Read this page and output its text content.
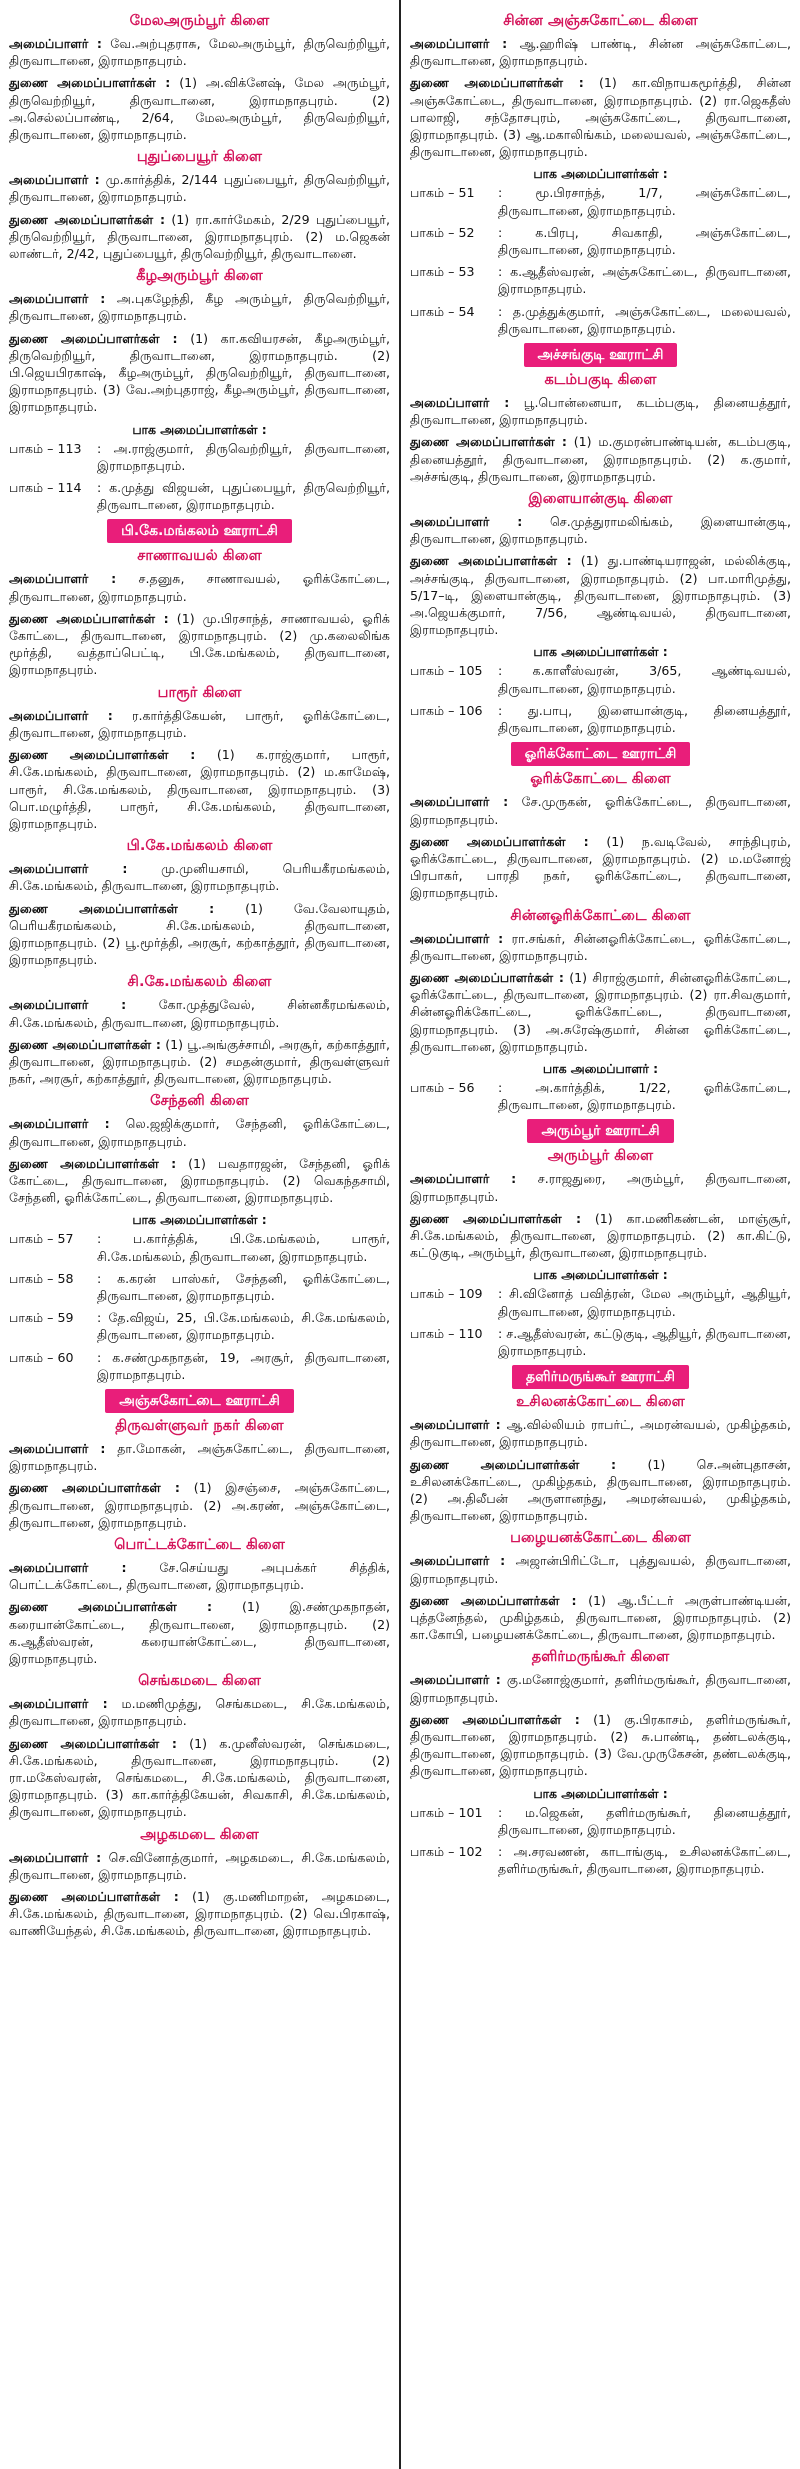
மேலஅரும்பூர் கிளை

அமைப்பாளர் : வே.அற்புதராசு, மேலஅரும்பூர், திருவெற்றியூர், திருவாடானை, இராமநாதபுரம்.

துணை அமைப்பாளர்கள் : (1) அ.விக்னேஷ், மேல அரும்பூர், திருவெற்றியூர், திருவாடானை, இராமநாதபுரம். (2) அ.செல்லப்பாண்டி, 2/64, மேலஅரும்பூர், திருவெற்றியூர், திருவாடானை, இராமநாதபுரம்.

புதுப்பையூர் கிளை

அமைப்பாளர் : மு.கார்த்திக், 2/144 புதுப்பையூர், திருவெற்றியூர், திருவாடானை, இராமநாதபுரம்.

துணை அமைப்பாளர்கள் : (1) ரா.கார்மேகம், 2/29 புதுப்பையூர், திருவெற்றியூர், திருவாடானை, இராமநாதபுரம். (2) ம.ஜெகன் லாண்டர், 2/42, புதுப்பையூர், திருவெற்றியூர், திருவாடானை.

கீழஅரும்பூர் கிளை

அமைப்பாளர் : அ.புகழேந்தி, கீழ அரும்பூர், திருவெற்றியூர், திருவாடானை, இராமநாதபுரம்.

துணை அமைப்பாளர்கள் : (1) கா.கவியரசன், கீழஅரும்பூர், திருவெற்றியூர், திருவாடானை, இராமநாதபுரம். (2) பி.ஜெயபிரகாஷ், கீழஅரும்பூர், திருவெற்றியூர், திருவாடானை, இராமநாதபுரம். (3) வே.அற்புதராஜ், கீழஅரும்பூர், திருவாடானை, இராமநாதபுரம்.

பாக அமைப்பாளர்கள் :
பாகம் – 113	: அ.ராஜ்குமார், திருவெற்றியூர், திருவாடானை, இராமநாதபுரம்.
பாகம் – 114	: க.முத்து விஜயன், புதுப்பையூர், திருவெற்றியூர், திருவாடானை, இராமநாதபுரம்.
பி.கே.மங்கலம் ஊராட்சி
சாணாவயல் கிளை

அமைப்பாளர் : ச.தனுசு, சாணாவயல், ஓரிக்கோட்டை, திருவாடானை, இராமநாதபுரம்.

துணை அமைப்பாளர்கள் : (1) மு.பிரசாந்த், சாணாவயல், ஓரிக் கோட்டை, திருவாடானை, இராமநாதபுரம். (2) மு.கலைலிங்க மூர்த்தி, வத்தாப்பெட்டி, பி.கே.மங்கலம், திருவாடானை, இராமநாதபுரம்.

பாரூர் கிளை

அமைப்பாளர் : ர.கார்த்திகேயன், பாரூர், ஓரிக்கோட்டை, திருவாடானை, இராமநாதபுரம்.

துணை அமைப்பாளர்கள் : (1) க.ராஜ்குமார், பாரூர், சி.கே.மங்கலம், திருவாடானை, இராமநாதபுரம். (2) ம.காமேஷ், பாரூர், சி.கே.மங்கலம், திருவாடானை, இராமநாதபுரம். (3) பொ.மழுர்த்தி, பாரூர், சி.கே.மங்கலம், திருவாடானை, இராமநாதபுரம்.

பி.கே.மங்கலம் கிளை

அமைப்பாளர் :	மு.முனியசாமி, பெரியகீரமங்கலம், சி.கே.மங்கலம், திருவாடானை, இராமநாதபுரம்.

துணை அமைப்பாளர்கள் : (1) வே.வேலாயுதம், பெரியகீரமங்கலம், சி.கே.மங்கலம், திருவாடானை, இராமநாதபுரம். (2) பூ.மூர்த்தி, அரசூர், கற்காத்தூர், திருவாடானை, இராமநாதபுரம்.

சி.கே.மங்கலம் கிளை

அமைப்பாளர் :	கோ.முத்துவேல், சின்னகீரமங்கலம், சி.கே.மங்கலம், திருவாடானை, இராமநாதபுரம்.

துணை அமைப்பாளர்கள் : (1) பூ.அங்குச்சாமி, அரசூர், கற்காத்தூர், திருவாடானை, இராமநாதபுரம். (2) சமதன்குமார், திருவள்ளுவர் நகர், அரசூர், கற்காத்தூர், திருவாடானை, இராமநாதபுரம்.

சேந்தனி கிளை

அமைப்பாளர் : லெ.ஜஜிக்குமார், சேந்தனி, ஓரிக்கோட்டை, திருவாடானை, இராமநாதபுரம்.

துணை அமைப்பாளர்கள் : (1) பவதாரஜன், சேந்தனி, ஓரிக் கோட்டை, திருவாடானை, இராமநாதபுரம். (2) வெகந்தசாமி, சேந்தனி, ஓரிக்கோட்டை, திருவாடானை, இராமநாதபுரம்.

பாக அமைப்பாளர்கள் :
பாகம் – 57	: ப.கார்த்திக், பி.கே.மங்கலம், பாரூர், சி.கே.மங்கலம், திருவாடானை, இராமநாதபுரம்.
பாகம் – 58	: க.கரன் பாஸ்கர், சேந்தனி, ஓரிக்கோட்டை, திருவாடானை, இராமநாதபுரம்.
பாகம் – 59	: தே.விஜய், 25, பி.கே.மங்கலம், சி.கே.மங்கலம், திருவாடானை, இராமநாதபுரம்.
பாகம் – 60	: க.சண்முகநாதன், 19, அரசூர், திருவாடானை, இராமநாதபுரம்.
அஞ்சுகோட்டை ஊராட்சி
திருவள்ளுவர் நகர் கிளை

அமைப்பாளர் : தா.மோகன், அஞ்சுகோட்டை, திருவாடானை, இராமநாதபுரம்.

துணை அமைப்பாளர்கள் : (1) இசஞ்சை, அஞ்சுகோட்டை, திருவாடானை, இராமநாதபுரம். (2) அ.கரண், அஞ்சுகோட்டை, திருவாடானை, இராமநாதபுரம்.

பொட்டக்கோட்டை கிளை

அமைப்பாளர் :	சே.செய்யது அபுபக்கர் சித்திக், பொட்டக்கோட்டை, திருவாடானை, இராமநாதபுரம்.

துணை அமைப்பாளர்கள் : (1) இ.சண்முகநாதன், கரையான்கோட்டை, திருவாடானை, இராமநாதபுரம். (2) க.ஆதீஸ்வரன், கரையான்கோட்டை, திருவாடானை, இராமநாதபுரம்.

செங்கமடை கிளை

அமைப்பாளர் : ம.மணிமுத்து, செங்கமடை, சி.கே.மங்கலம், திருவாடானை, இராமநாதபுரம்.

துணை அமைப்பாளர்கள் : (1) க.முனீஸ்வரன், செங்கமடை, சி.கே.மங்கலம், திருவாடானை, இராமநாதபுரம். (2) ரா.மகேஸ்வரன், செங்கமடை, சி.கே.மங்கலம், திருவாடானை, இராமநாதபுரம். (3) கா.கார்த்திகேயன், சிவகாசி, சி.கே.மங்கலம், திருவாடானை, இராமநாதபுரம்.

அழகமடை கிளை

அமைப்பாளர் : செ.வினோத்குமார், அழகமடை, சி.கே.மங்கலம், திருவாடானை, இராமநாதபுரம்.

துணை அமைப்பாளர்கள் : (1) கு.மணிமாறன், அழகமடை, சி.கே.மங்கலம், திருவாடானை, இராமநாதபுரம். (2) வெ.பிரகாஷ், வாணியேந்தல், சி.கே.மங்கலம், திருவாடானை, இராமநாதபுரம்.

சின்ன அஞ்சுகோட்டை கிளை

அமைப்பாளர் : ஆ.ஹரிஷ் பாண்டி, சின்ன அஞ்சுகோட்டை, திருவாடானை, இராமநாதபுரம்.

துணை அமைப்பாளர்கள் : (1) கா.விநாயகமூர்த்தி, சின்ன அஞ்சுகோட்டை, திருவாடானை, இராமநாதபுரம். (2) ரா.ஜெகதீஸ் பாலாஜி, சந்தோசபுரம், அஞ்சுகோட்டை, திருவாடானை, இராமநாதபுரம். (3) ஆ.மகாலிங்கம், மலையவல், அஞ்சுகோட்டை, திருவாடானை, இராமநாதபுரம்.

பாக அமைப்பாளர்கள் :
பாகம் – 51	: மூ.பிரசாந்த், 1/7, அஞ்சுகோட்டை, திருவாடானை, இராமநாதபுரம்.
பாகம் – 52	: க.பிரபு, சிவகாதி, அஞ்சுகோட்டை, திருவாடானை, இராமநாதபுரம்.
பாகம் – 53	: க.ஆதீஸ்வரன், அஞ்சுகோட்டை, திருவாடானை, இராமநாதபுரம்.
பாகம் – 54	: த.முத்துக்குமார், அஞ்சுகோட்டை, மலையவல், திருவாடானை, இராமநாதபுரம்.
அச்சங்குடி ஊராட்சி
கடம்பகுடி கிளை

அமைப்பாளர் : பூ.பொன்னையா, கடம்பகுடி, தினையத்தூர், திருவாடானை, இராமநாதபுரம்.

துணை அமைப்பாளர்கள் : (1) ம.குமரன்பாண்டியன், கடம்பகுடி, தினையத்தூர், திருவாடானை, இராமநாதபுரம். (2) க.குமார், அச்சங்குடி, திருவாடானை, இராமநாதபுரம்.

இளையான்குடி கிளை

அமைப்பாளர் : செ.முத்துராமலிங்கம், இளையான்குடி, திருவாடானை, இராமநாதபுரம்.

துணை அமைப்பாளர்கள் : (1) து.பாண்டியராஜன், மல்லிக்குடி, அச்சங்குடி, திருவாடானை, இராமநாதபுரம். (2) பா.மாரிமுத்து, 5/17–டி, இளையான்குடி, திருவாடானை, இராமநாதபுரம். (3) அ.ஜெயக்குமார், 7/56, ஆண்டிவயல், திருவாடானை, இராமநாதபுரம்.

பாக அமைப்பாளர்கள் :
பாகம் – 105	: க.காளீஸ்வரன், 3/65, ஆண்டிவயல், திருவாடானை, இராமநாதபுரம்.
பாகம் – 106	: து.பாபு, இளையான்குடி, தினையத்தூர், திருவாடானை, இராமநாதபுரம்.
ஓரிக்கோட்டை ஊராட்சி
ஓரிக்கோட்டை கிளை

அமைப்பாளர் : சே.முருகன், ஓரிக்கோட்டை, திருவாடானை, இராமநாதபுரம்.

துணை அமைப்பாளர்கள் : (1) ந.வடிவேல், சாந்திபுரம், ஓரிக்கோட்டை, திருவாடானை, இராமநாதபுரம். (2) ம.மனோஜ் பிரபாகர், பாரதி நகர், ஓரிக்கோட்டை, திருவாடானை, இராமநாதபுரம்.

சின்னஓரிக்கோட்டை கிளை

அமைப்பாளர் : ரா.சங்கர், சின்னஓரிக்கோட்டை, ஓரிக்கோட்டை, திருவாடானை, இராமநாதபுரம்.

துணை அமைப்பாளர்கள் : (1) சிராஜ்குமார், சின்னஓரிக்கோட்டை, ஓரிக்கோட்டை, திருவாடானை, இராமநாதபுரம். (2) ரா.சிவகுமார், சின்னஓரிக்கோட்டை, ஓரிக்கோட்டை, திருவாடானை, இராமநாதபுரம். (3) அ.சுரேஷ்குமார், சின்ன ஓரிக்கோட்டை, திருவாடானை, இராமநாதபுரம்.

பாக அமைப்பாளர் :
பாகம் – 56	: அ.கார்த்திக், 1/22, ஓரிக்கோட்டை, திருவாடானை, இராமநாதபுரம்.
அரும்பூர் ஊராட்சி
அரும்பூர் கிளை

அமைப்பாளர் : ச.ராஜதுரை, அரும்பூர், திருவாடானை, இராமநாதபுரம்.

துணை அமைப்பாளர்கள் : (1) கா.மணிகண்டன், மாஞ்சூர், சி.கே.மங்கலம், திருவாடானை, இராமநாதபுரம். (2) கா.கிட்டு, கட்டுகுடி, அரும்பூர், திருவாடானை, இராமநாதபுரம்.

பாக அமைப்பாளர்கள் :
பாகம் – 109	: சி.வினோத் பவித்ரன், மேல அரும்பூர், ஆதியூர், திருவாடானை, இராமநாதபுரம்.
பாகம் – 110	: ச.ஆதீஸ்வரன், கட்டுகுடி, ஆதியூர், திருவாடானை, இராமநாதபுரம்.
தளிர்மருங்கூர் ஊராட்சி
உசிலனக்கோட்டை கிளை

அமைப்பாளர் : ஆ.வில்லியம் ராபர்ட், அமரன்வயல், முகிழ்தகம், திருவாடானை, இராமநாதபுரம்.

துணை அமைப்பாளர்கள் : (1) செ.அன்புதாசன், உசிலனக்கோட்டை, முகிழ்தகம், திருவாடானை, இராமநாதபுரம். (2) அ.திலீபன் அருளானந்து, அமரன்வயல், முகிழ்தகம், திருவாடானை, இராமநாதபுரம்.

பழையனக்கோட்டை கிளை

அமைப்பாளர் : அஜான்பிரிட்டோ, புத்துவயல், திருவாடானை, இராமநாதபுரம்.

துணை அமைப்பாளர்கள் : (1) ஆ.பீட்டர் அருள்பாண்டியன், புத்தனேந்தல், முகிழ்தகம், திருவாடானை, இராமநாதபுரம். (2) கா.கோபி, பழையனக்கோட்டை, திருவாடானை, இராமநாதபுரம்.

தளிர்மருங்கூர் கிளை

அமைப்பாளர் : கு.மனோஜ்குமார், தளிர்மருங்கூர், திருவாடானை, இராமநாதபுரம்.

துணை அமைப்பாளர்கள் : (1) கு.பிரகாசம், தளிர்மருங்கூர், திருவாடானை, இராமநாதபுரம். (2) சு.பாண்டி, தண்டலக்குடி, திருவாடானை, இராமநாதபுரம். (3) வே.முருகேசன், தண்டலக்குடி, திருவாடானை, இராமநாதபுரம்.

பாக அமைப்பாளர்கள் :
பாகம் – 101	: ம.ஜெகன், தளிர்மருங்கூர், தினையத்தூர், திருவாடானை, இராமநாதபுரம்.
பாகம் – 102	: அ.சரவணன், காடாங்குடி, உசிலனக்கோட்டை, தளிர்மருங்கூர், திருவாடானை, இராமநாதபுரம்.
